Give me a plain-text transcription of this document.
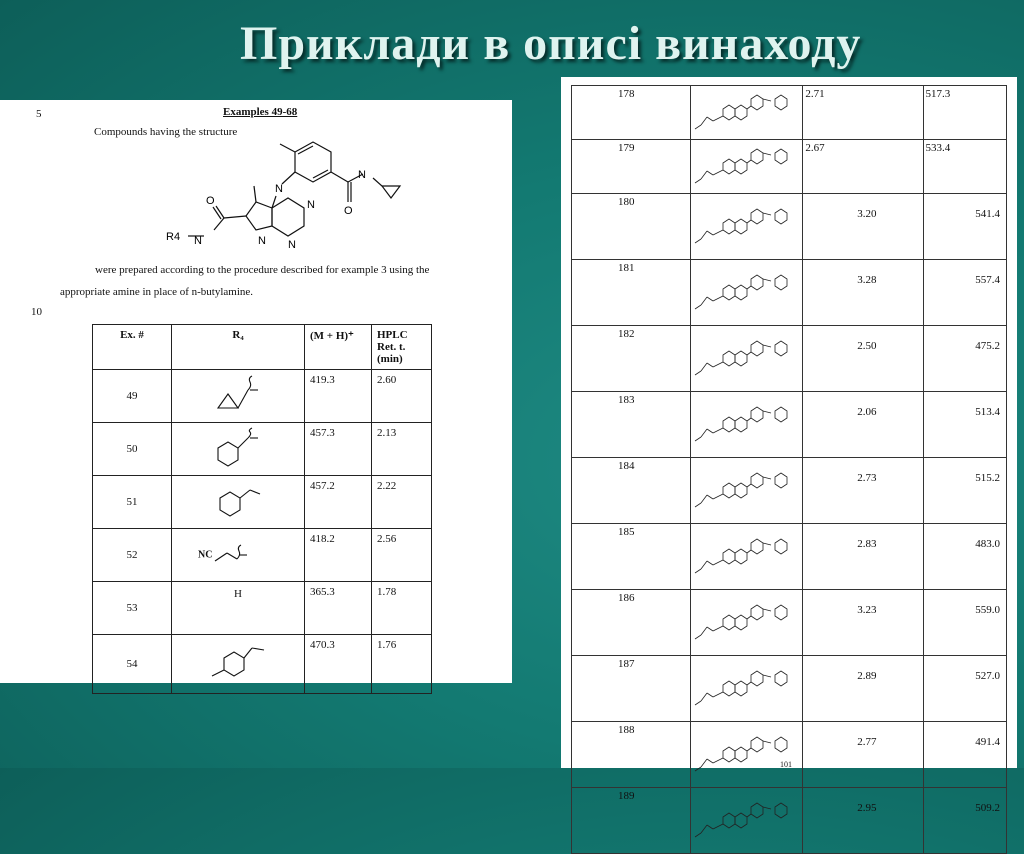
Приклади в описі винаходу
5
10
Examples 49-68
Compounds having the structure
N
N
O
N
N
N
O
N
R4
were prepared according to the procedure described for example 3 using the
appropriate amine in place of n-butylamine.
Ex. #	R₄	(M + H)⁺	HPLC Ret. t. (min)
49		419.3	2.60
50		457.3	2.13
51		457.2	2.22
52	NC	418.2	2.56
53	H	365.3	1.78
54		470.3	1.76
178		2.71	517.3
179		2.67	533.4
180		3.20	541.4
181		3.28	557.4
182		2.50	475.2
183		2.06	513.4
184		2.73	515.2
185		2.83	483.0
186		3.23	559.0
187		2.89	527.0
188		2.77	491.4
189		2.95	509.2
101
